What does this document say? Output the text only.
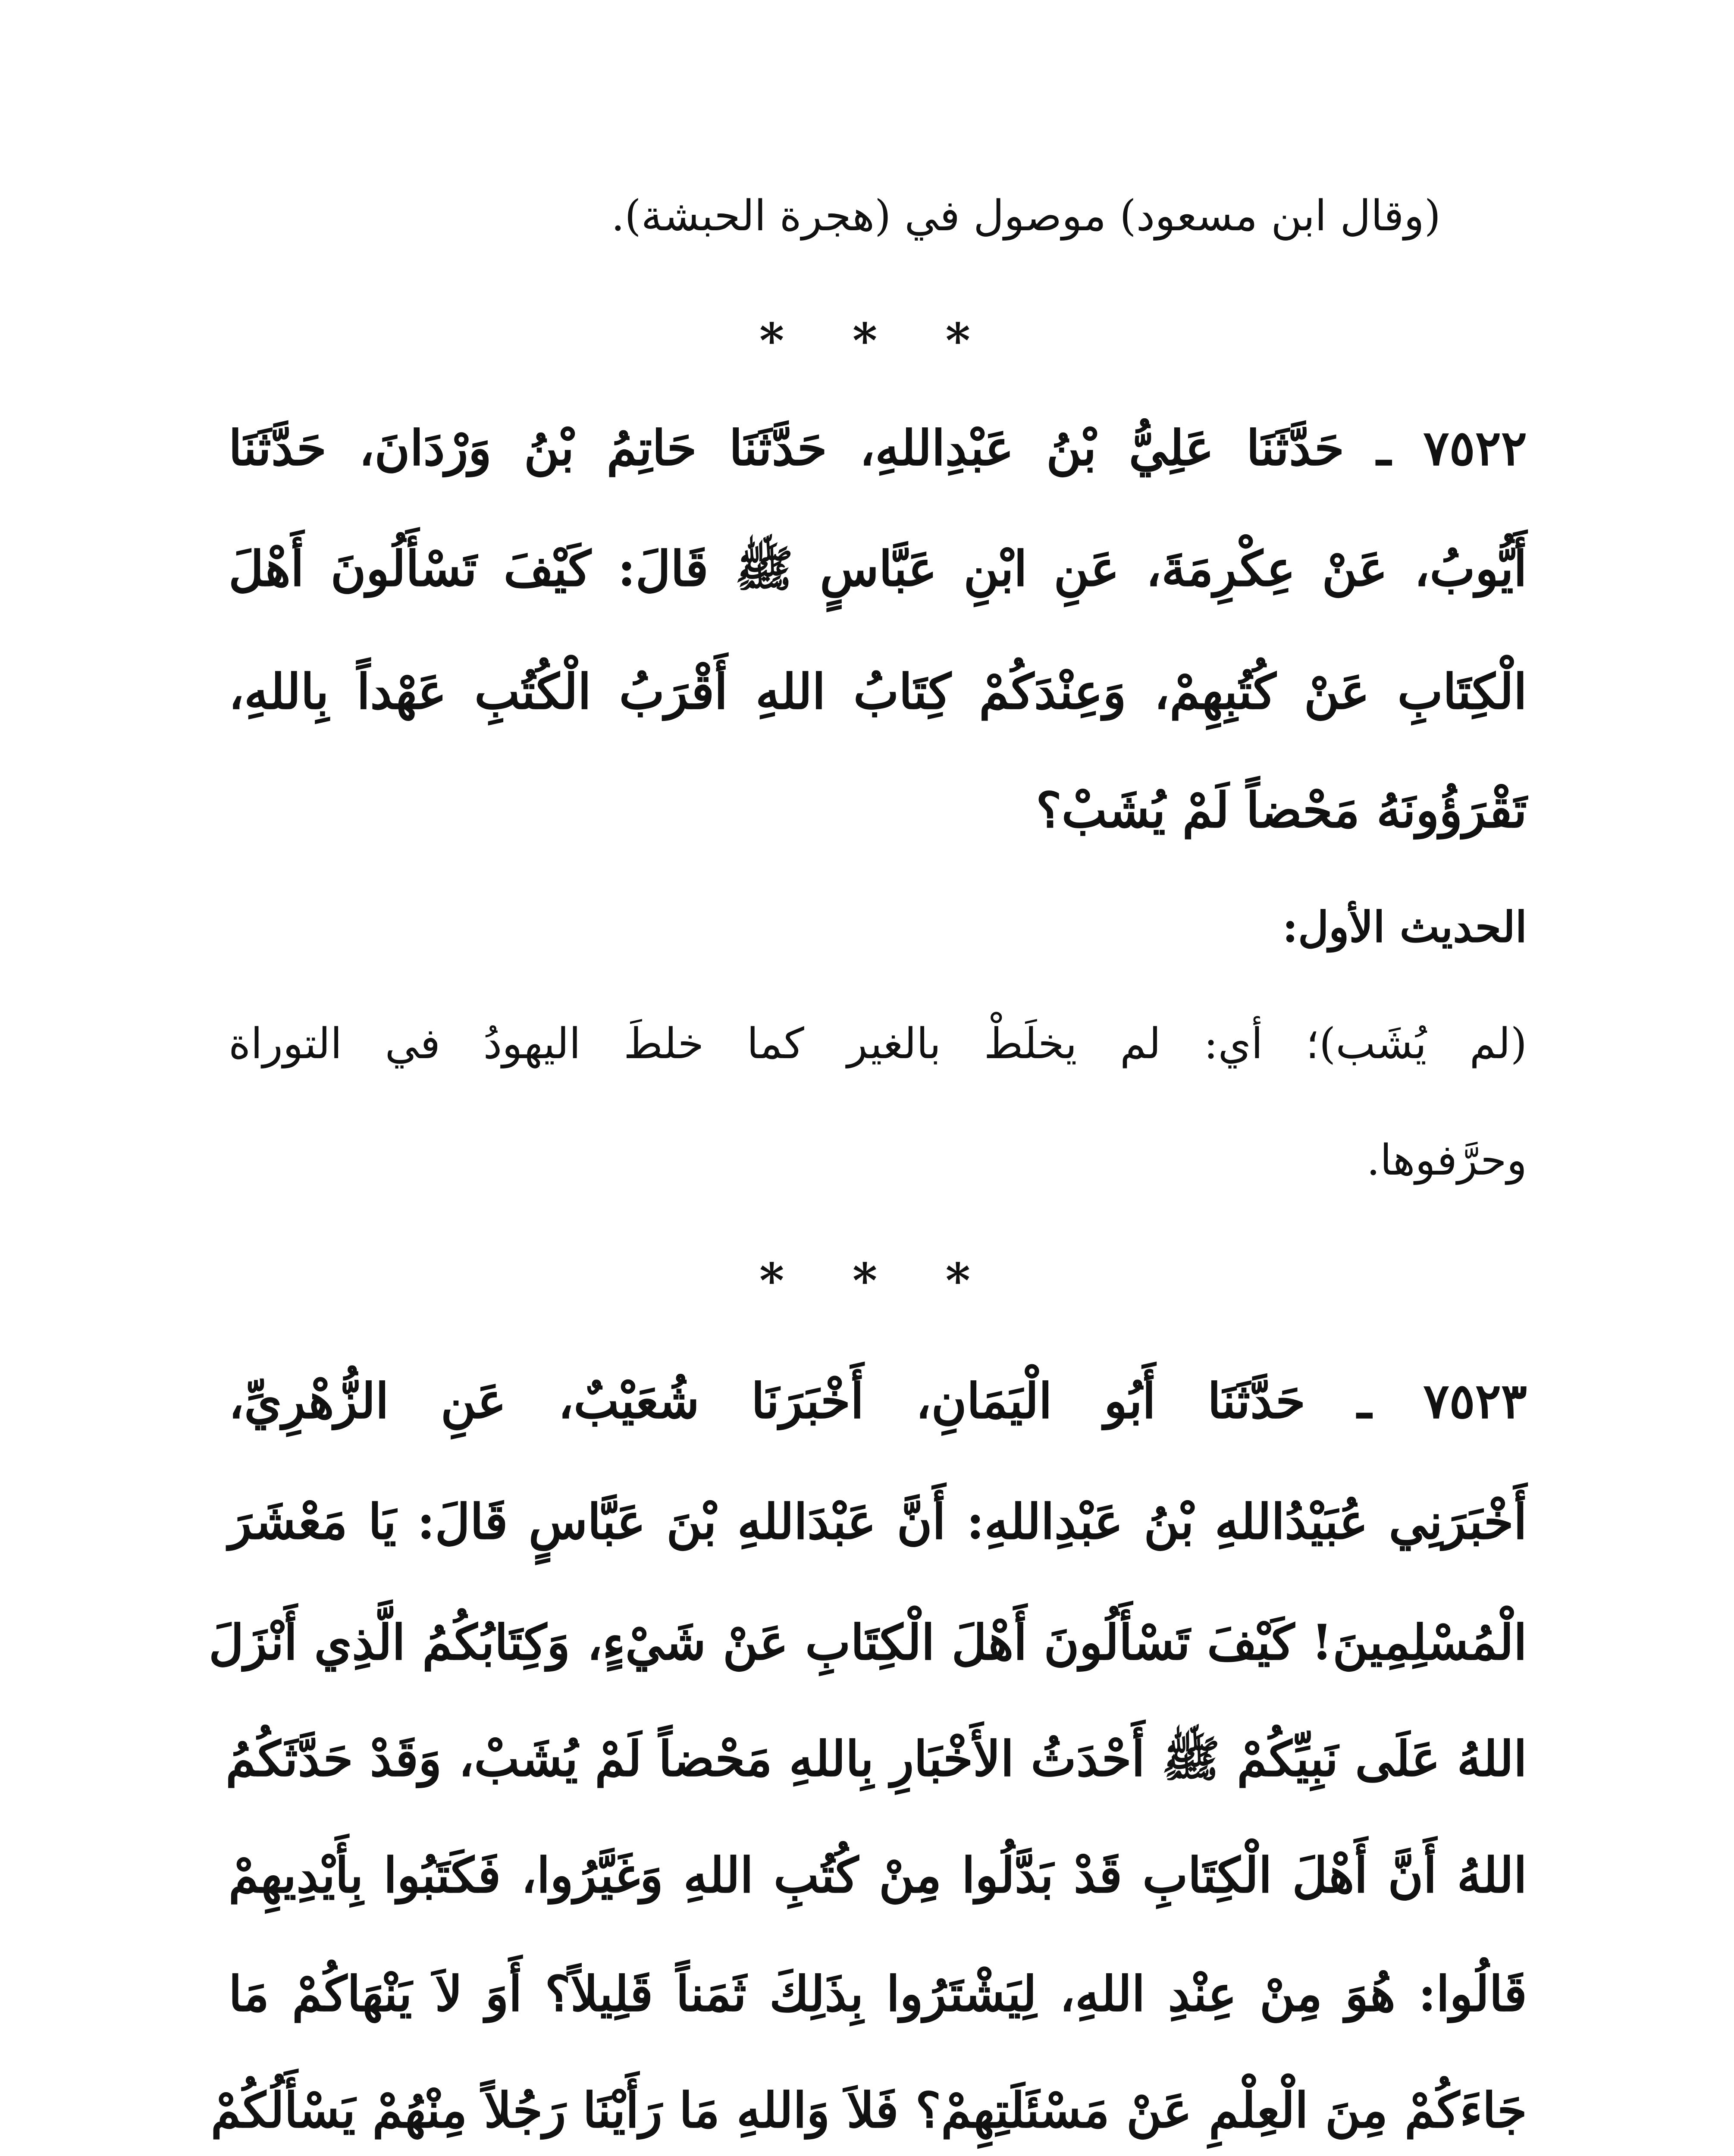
(وقال ابن مسعود) موصول في (هجرة الحبشة).
* * *
٧٥٢٢ ـ حَدَّثَنَا عَلِيُّ بْنُ عَبْدِاللهِ، حَدَّثَنَا حَاتِمُ بْنُ وَرْدَانَ، حَدَّثَنَا
أَيُّوبُ، عَنْ عِكْرِمَةَ، عَنِ ابْنِ عَبَّاسٍ ﷺ قَالَ: كَيْفَ تَسْأَلُونَ أَهْلَ
الْكِتَابِ عَنْ كُتُبِهِمْ، وَعِنْدَكُمْ كِتَابُ اللهِ أَقْرَبُ الْكُتُبِ عَهْداً بِاللهِ،
تَقْرَؤُونَهُ مَحْضاً لَمْ يُشَبْ؟
الحديث الأول:
(لم يُشَب)؛ أي: لم يخلَطْ بالغير كما خلطَ اليهودُ في التوراة
وحرَّفوها.
* * *
٧٥٢٣ ـ حَدَّثَنَا أَبُو الْيَمَانِ، أَخْبَرَنَا شُعَيْبٌ، عَنِ الزُّهْرِيِّ،
أَخْبَرَنِي عُبَيْدُاللهِ بْنُ عَبْدِاللهِ: أَنَّ عَبْدَاللهِ بْنَ عَبَّاسٍ قَالَ: يَا مَعْشَرَ
الْمُسْلِمِينَ! كَيْفَ تَسْأَلُونَ أَهْلَ الْكِتَابِ عَنْ شَيْءٍ، وَكِتَابُكُمُ الَّذِي أَنْزَلَ
اللهُ عَلَى نَبِيِّكُمْ ﷺ أَحْدَثُ الأَخْبَارِ بِاللهِ مَحْضاً لَمْ يُشَبْ، وَقَدْ حَدَّثَكُمُ
اللهُ أَنَّ أَهْلَ الْكِتَابِ قَدْ بَدَّلُوا مِنْ كُتُبِ اللهِ وَغَيَّرُوا، فَكَتَبُوا بِأَيْدِيهِمْ
قَالُوا: هُوَ مِنْ عِنْدِ اللهِ، لِيَشْتَرُوا بِذَلِكَ ثَمَناً قَلِيلاً؟ أَوَ لاَ يَنْهَاكُمْ مَا
جَاءَكُمْ مِنَ الْعِلْمِ عَنْ مَسْئَلَتِهِمْ؟ فَلاَ وَاللهِ مَا رَأَيْنَا رَجُلاً مِنْهُمْ يَسْأَلُكُمْ
